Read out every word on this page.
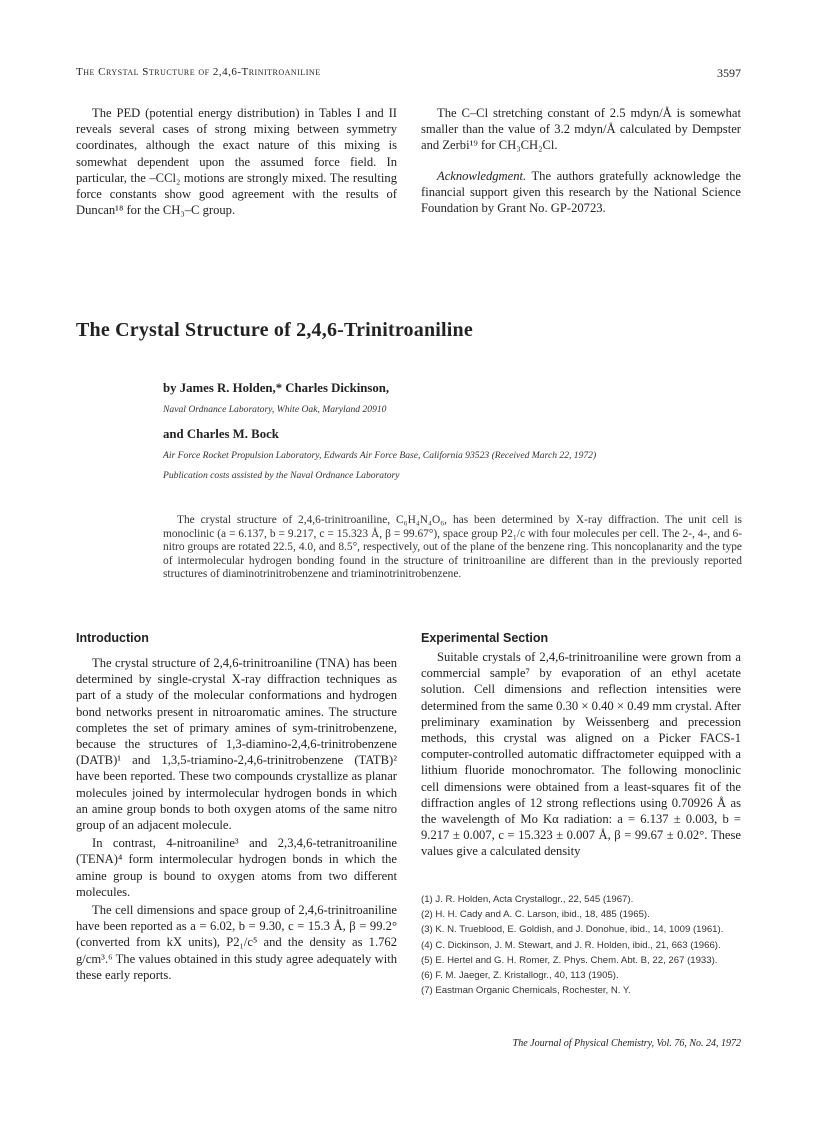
The Crystal Structure of 2,4,6-Trinitroaniline	3597

The PED (potential energy distribution) in Tables I and II reveals several cases of strong mixing between symmetry coordinates, although the exact nature of this mixing is somewhat dependent upon the assumed force field. In particular, the –CCl₂ motions are strongly mixed. The resulting force constants show good agreement with the results of Duncan¹⁸ for the CH₃–C group.

The C–Cl stretching constant of 2.5 mdyn/Å is somewhat smaller than the value of 3.2 mdyn/Å calculated by Dempster and Zerbi¹⁹ for CH₃CH₂Cl.

Acknowledgment. The authors gratefully acknowledge the financial support given this research by the National Science Foundation by Grant No. GP-20723.

The Crystal Structure of 2,4,6-Trinitroaniline
by James R. Holden,* Charles Dickinson,
Naval Ordnance Laboratory, White Oak, Maryland 20910
and Charles M. Bock
Air Force Rocket Propulsion Laboratory, Edwards Air Force Base, California 93523 (Received March 22, 1972)
Publication costs assisted by the Naval Ordnance Laboratory

The crystal structure of 2,4,6-trinitroaniline, C₆H₄N₄O₆, has been determined by X-ray diffraction. The unit cell is monoclinic (a = 6.137, b = 9.217, c = 15.323 Å, β = 99.67°), space group P2₁/c with four molecules per cell. The 2-, 4-, and 6-nitro groups are rotated 22.5, 4.0, and 8.5°, respectively, out of the plane of the benzene ring. This noncoplanarity and the type of intermolecular hydrogen bonding found in the structure of trinitroaniline are different than in the previously reported structures of diaminotrinitrobenzene and triaminotrinitrobenzene.

Introduction

The crystal structure of 2,4,6-trinitroaniline (TNA) has been determined by single-crystal X-ray diffraction techniques as part of a study of the molecular conformations and hydrogen bond networks present in nitroaromatic amines. The structure completes the set of primary amines of sym-trinitrobenzene, because the structures of 1,3-diamino-2,4,6-trinitrobenzene (DATB)¹ and 1,3,5-triamino-2,4,6-trinitrobenzene (TATB)² have been reported. These two compounds crystallize as planar molecules joined by intermolecular hydrogen bonds in which an amine group bonds to both oxygen atoms of the same nitro group of an adjacent molecule.

In contrast, 4-nitroaniline³ and 2,3,4,6-tetranitroaniline (TENA)⁴ form intermolecular hydrogen bonds in which the amine group is bound to oxygen atoms from two different molecules.

The cell dimensions and space group of 2,4,6-trinitroaniline have been reported as a = 6.02, b = 9.30, c = 15.3 Å, β = 99.2° (converted from kX units), P2₁/c⁵ and the density as 1.762 g/cm³.⁶ The values obtained in this study agree adequately with these early reports.

Experimental Section

Suitable crystals of 2,4,6-trinitroaniline were grown from a commercial sample⁷ by evaporation of an ethyl acetate solution. Cell dimensions and reflection intensities were determined from the same 0.30 × 0.40 × 0.49 mm crystal. After preliminary examination by Weissenberg and precession methods, this crystal was aligned on a Picker FACS-1 computer-controlled automatic diffractometer equipped with a lithium fluoride monochromator. The following monoclinic cell dimensions were obtained from a least-squares fit of the diffraction angles of 12 strong reflections using 0.70926 Å as the wavelength of Mo Kα radiation: a = 6.137 ± 0.003, b = 9.217 ± 0.007, c = 15.323 ± 0.007 Å, β = 99.67 ± 0.02°. These values give a calculated density

(1) J. R. Holden, Acta Crystallogr., 22, 545 (1967).
(2) H. H. Cady and A. C. Larson, ibid., 18, 485 (1965).
(3) K. N. Trueblood, E. Goldish, and J. Donohue, ibid., 14, 1009 (1961).
(4) C. Dickinson, J. M. Stewart, and J. R. Holden, ibid., 21, 663 (1966).
(5) E. Hertel and G. H. Romer, Z. Phys. Chem. Abt. B, 22, 267 (1933).
(6) F. M. Jaeger, Z. Kristallogr., 40, 113 (1905).
(7) Eastman Organic Chemicals, Rochester, N. Y.
The Journal of Physical Chemistry, Vol. 76, No. 24, 1972
